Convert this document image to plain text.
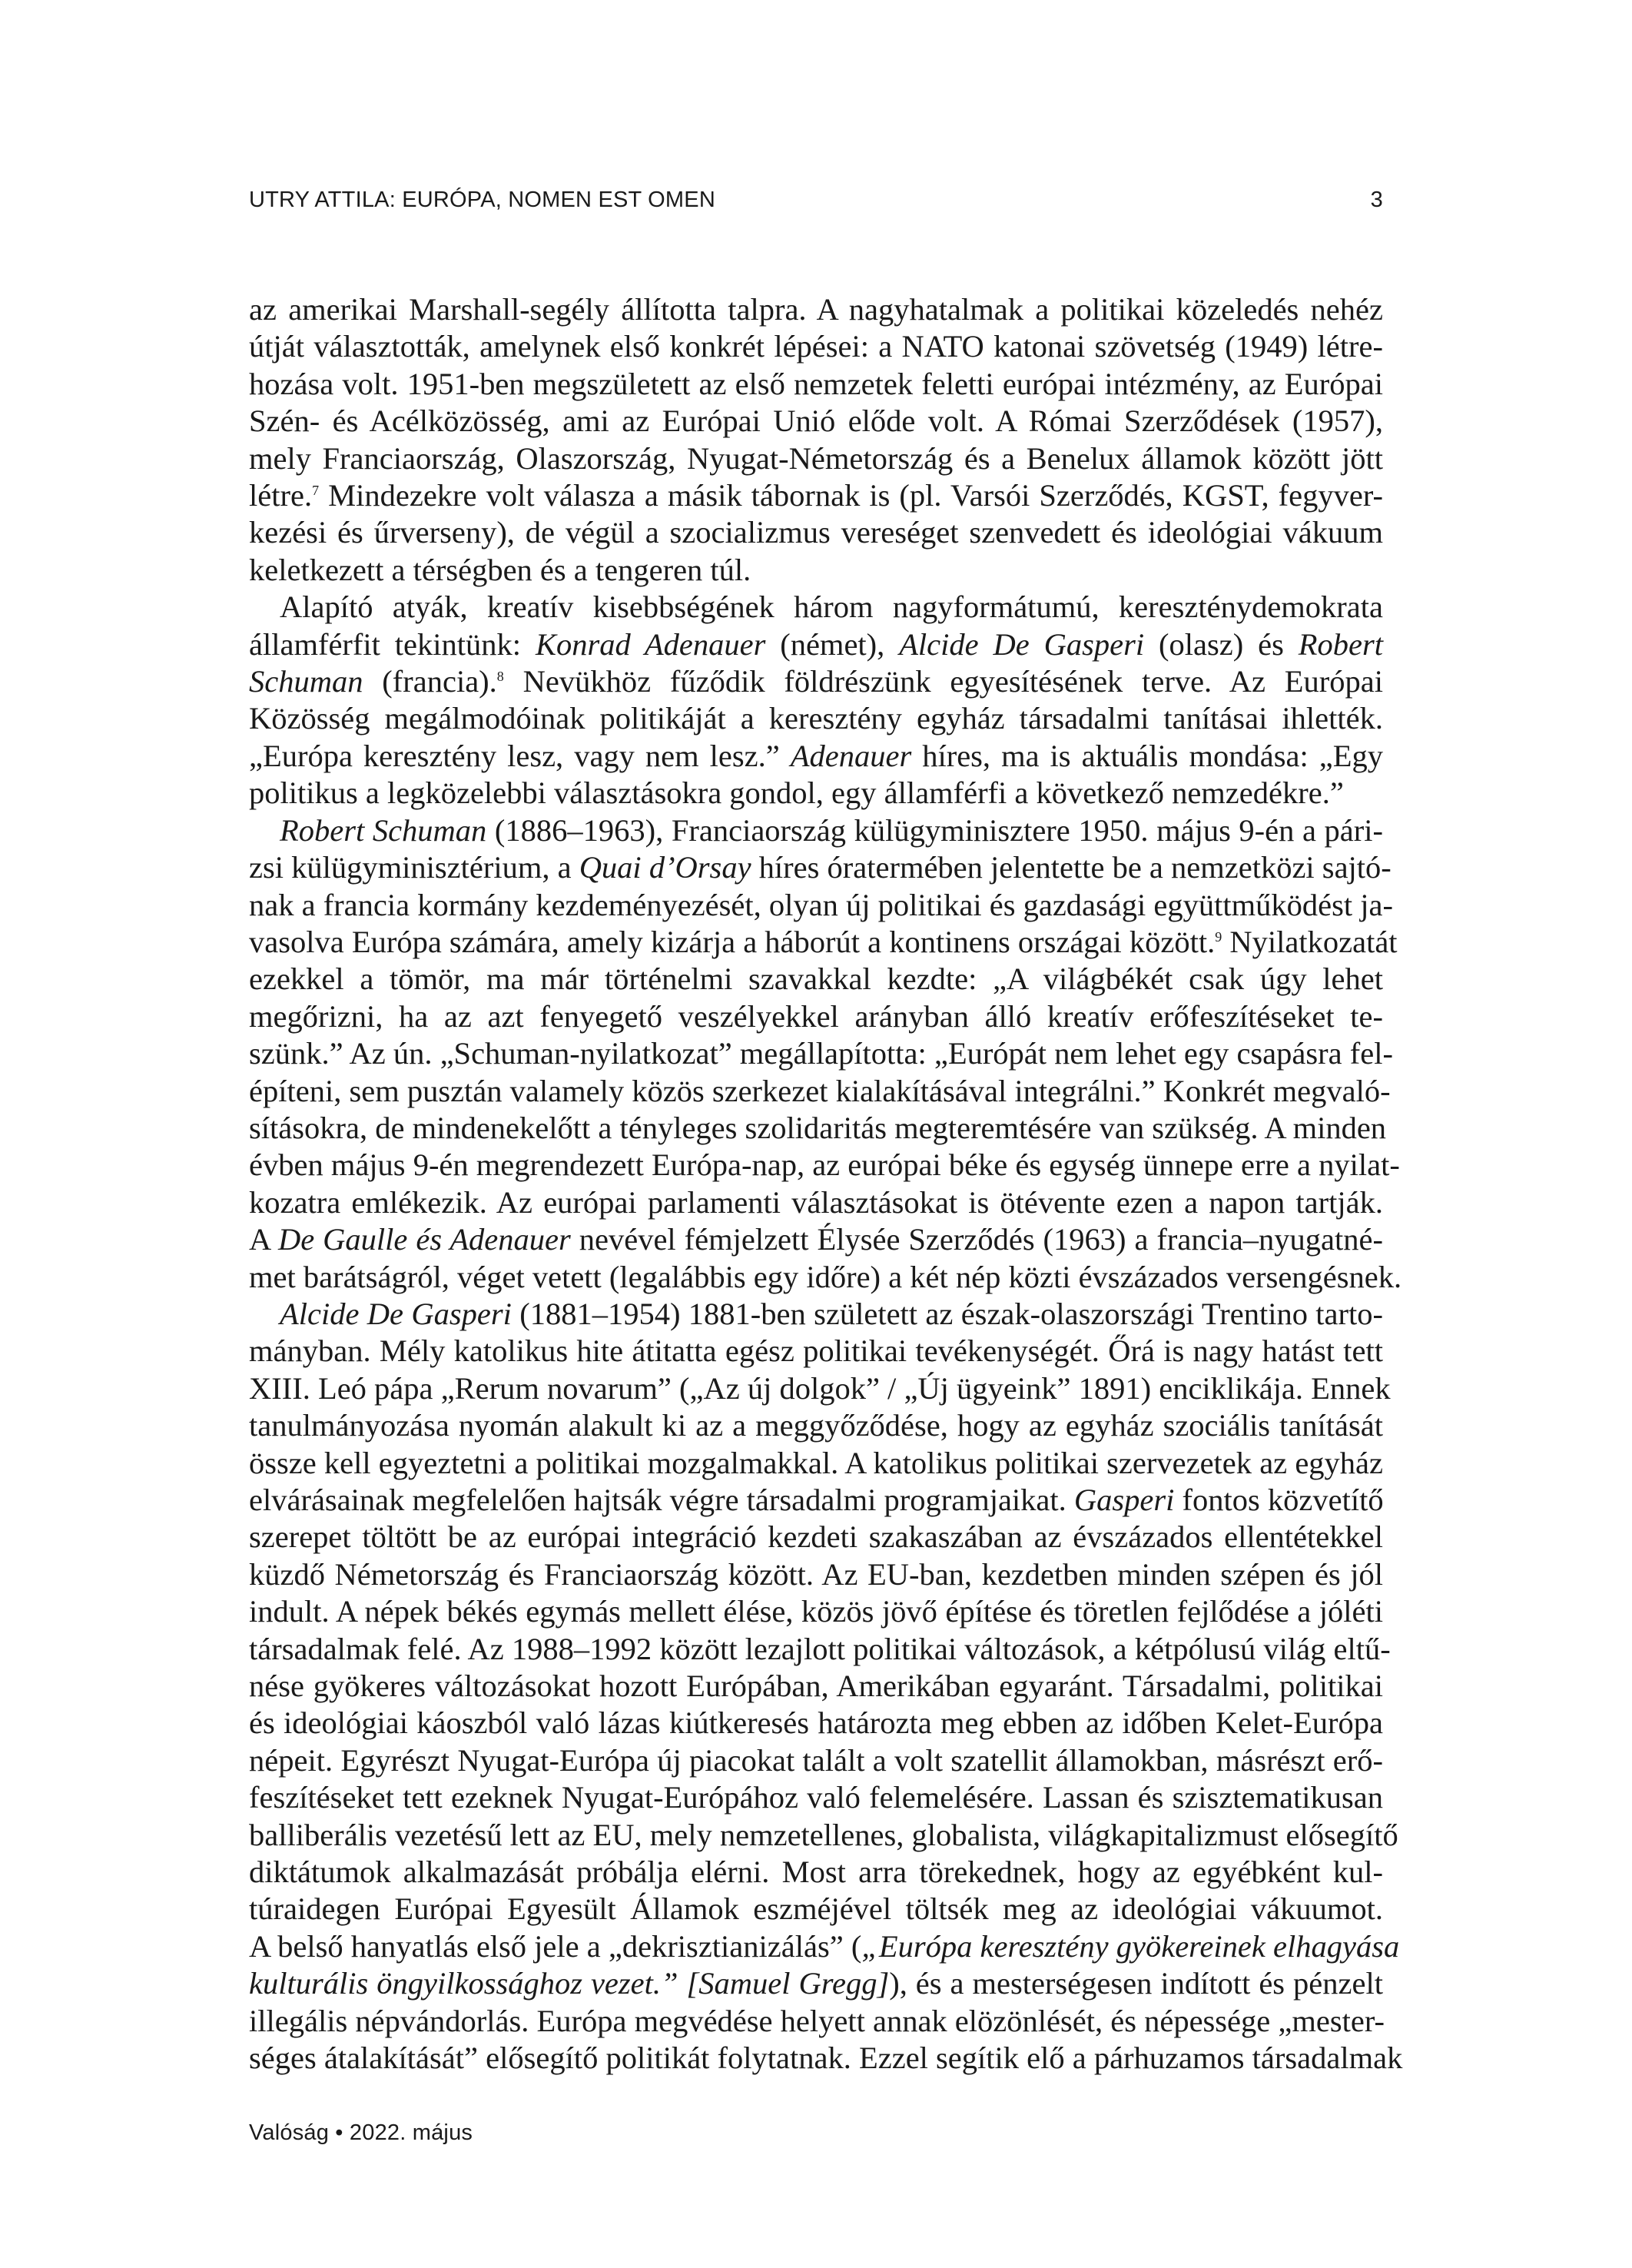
UTRY ATTILA: EURÓPA, NOMEN EST OMEN	3

az amerikai Marshall-segély állította talpra. A nagyhatalmak a politikai közeledés nehéz
útját választották, amelynek első konkrét lépései: a NATO katonai szövetség (1949) létre-
hozása volt. 1951-ben megszületett az első nemzetek feletti európai intézmény, az Európai
Szén- és Acélközösség, ami az Európai Unió elődе volt. A Római Szerződések (1957),
mely Franciaország, Olaszország, Nyugat-Németország és a Benelux államok között jött
létre.$^7$ Mindezekre volt válasza a másik tábornak is (pl. Varsói Szerződés, KGST, fegyver-
kezési és űrverseny), de végül a szocializmus vereséget szenvedett és ideológiai vákuum
keletkezett a térségben és a tengeren túl.

Alapító atyák, kreatív kisebbségének három nagyformátumú, kereszténydemokrata
államférfit tekintünk: Konrad Adenauer (német), Alcide De Gasperi (olasz) és Robert
Schuman (francia).$^8$ Nevükhöz fűződik földrészünk egyesítésének terve. Az Európai
Közösség megálmodóinak politikáját a keresztény egyház társadalmi tanításai ihlették.
„Európa keresztény lesz, vagy nem lesz.” Adenauer híres, ma is aktuális mondása: „Egy
politikus a legközelebbi választásokra gondol, egy államférfi a következő nemzedékre.”

Robert Schuman (1886–1963), Franciaország külügyminisztere 1950. május 9-én a pári-
zsi külügyminisztérium, a Quai d’Orsay híres óratermében jelentette be a nemzetközi sajtó-
nak a francia kormány kezdeményezését, olyan új politikai és gazdasági együttműködést ja-
vasolva Európa számára, amely kizárja a háborút a kontinens országai között.$^9$ Nyilatkozatát
ezekkel a tömör, ma már történelmi szavakkal kezdte: „A világbékét csak úgy lehet
megőrizni, ha az azt fenyegető veszélyekkel arányban álló kreatív erőfeszítéseket te-
szünk.” Az ún. „Schuman-nyilatkozat” megállapította: „Európát nem lehet egy csapásra fel-
építeni, sem pusztán valamely közös szerkezet kialakításával integrálni.” Konkrét megvaló-
sításokra, de mindenekelőtt a tényleges szolidaritás megteremtésére van szükség. A minden
évben május 9-én megrendezett Európa-nap, az európai béke és egység ünnepe erre a nyilat-
kozatra emlékezik. Az európai parlamenti választásokat is ötévente ezen a napon tartják.
A De Gaulle és Adenauer nevével fémjelzett Élysée Szerződés (1963) a francia–nyugatné-
met barátságról, véget vetett (legalábbis egy időre) a két nép közti évszázados versengésnek.

Alcide De Gasperi (1881–1954) 1881-ben született az észak-olaszországi Trentino tarto-
mányban. Mély katolikus hite átitatta egész politikai tevékenységét. Őrá is nagy hatást tett
XIII. Leó pápa „Rerum novarum” („Az új dolgok” / „Új ügyeink” 1891) enciklikája. Ennek
tanulmányozása nyomán alakult ki az a meggyőződése, hogy az egyház szociális tanítását
össze kell egyeztetni a politikai mozgalmakkal. A katolikus politikai szervezetek az egyház
elvárásainak megfelelően hajtsák végre társadalmi programjaikat. Gasperi fontos közvetítő
szerepet töltött be az európai integráció kezdeti szakaszában az évszázados ellentétekkel
küzdő Németország és Franciaország között. Az EU-ban, kezdetben minden szépen és jól
indult. A népek békés egymás mellett élése, közös jövő építése és töretlen fejlődése a jóléti
társadalmak felé. Az 1988–1992 között lezajlott politikai változások, a kétpólusú világ eltű-
nése gyökeres változásokat hozott Európában, Amerikában egyaránt. Társadalmi, politikai
és ideológiai káoszból való lázas kiútkeresés határozta meg ebben az időben Kelet-Európa
népeit. Egyrészt Nyugat-Európa új piacokat talált a volt szatellit államokban, másrészt erő-
feszítéseket tett ezeknek Nyugat-Európához való felemelésére. Lassan és szisztematikusan
balliberális vezetésű lett az EU, mely nemzetellenes, globalista, világkapitalizmust elősegítő
diktátumok alkalmazását próbálja elérni. Most arra törekednek, hogy az egyébként kul-
túraidegen Európai Egyesült Államok eszméjével töltsék meg az ideológiai vákuumot.
A belső hanyatlás első jele a „dekrisztianizálás” („Európa keresztény gyökereinek elhagyása
kulturális öngyilkossághoz vezet.” [Samuel Gregg]), és a mesterségesen indított és pénzelt
illegális népvándorlás. Európa megvédése helyett annak elözönlését, és népessége „mester-
séges átalakítását” elősegítő politikát folytatnak. Ezzel segítik elő a párhuzamos társadalmak

Valóság • 2022. május
